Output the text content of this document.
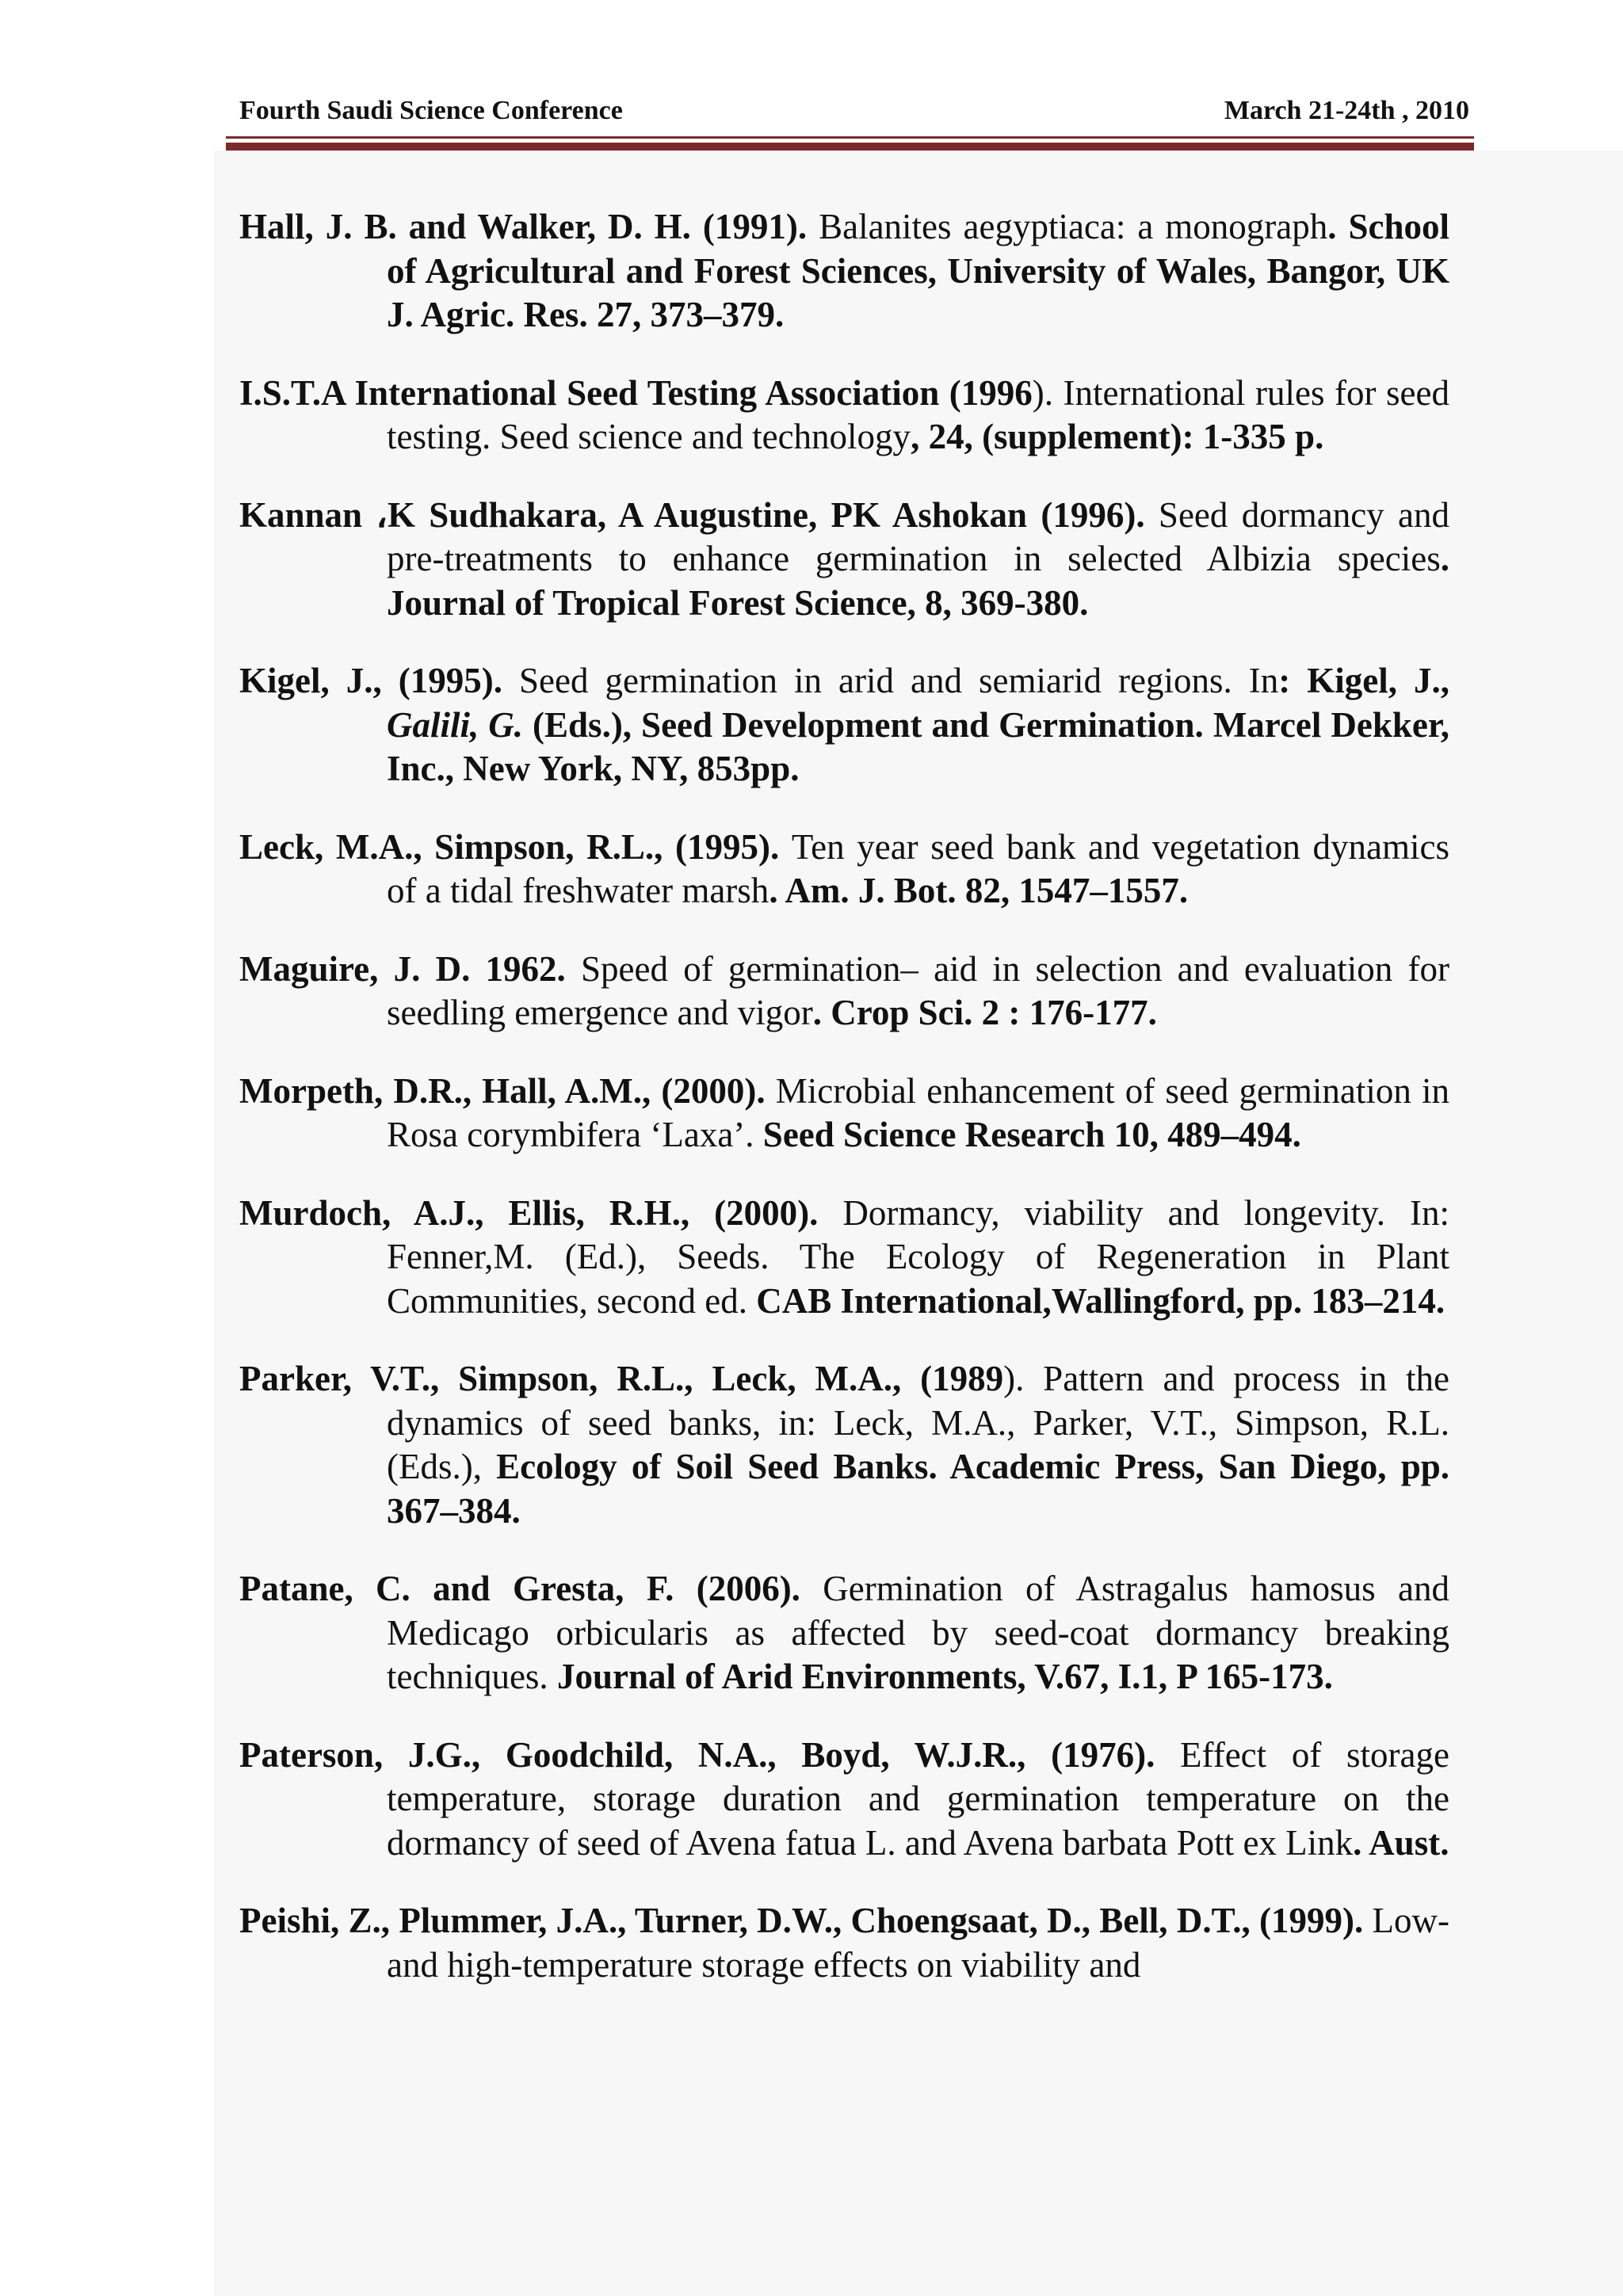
Fourth Saudi Science Conference	March 21-24th , 2010

Hall, J. B. and Walker, D. H. (1991). Balanites aegyptiaca: a monograph. School of Agricultural and Forest Sciences, University of Wales, Bangor, UK J. Agric. Res. 27, 373–379.

I.S.T.A International Seed Testing Association (1996). International rules for seed testing. Seed science and technology, 24, (supplement): 1-335 p.

Kannan ،K Sudhakara, A Augustine, PK Ashokan (1996). Seed dormancy and pre-treatments to enhance germination in selected Albizia species. Journal of Tropical Forest Science, 8, 369-380.

Kigel, J., (1995). Seed germination in arid and semiarid regions. In: Kigel, J., Galili, G. (Eds.), Seed Development and Germination. Marcel Dekker, Inc., New York, NY, 853pp.

Leck, M.A., Simpson, R.L., (1995). Ten year seed bank and vegetation dynamics of a tidal freshwater marsh. Am. J. Bot. 82, 1547–1557.

Maguire, J. D. 1962. Speed of germination– aid in selection and evaluation for seedling emergence and vigor. Crop Sci. 2 : 176-177.

Morpeth, D.R., Hall, A.M., (2000). Microbial enhancement of seed germination in Rosa corymbifera ‘Laxa’. Seed Science Research 10, 489–494.

Murdoch, A.J., Ellis, R.H., (2000). Dormancy, viability and longevity. In: Fenner,M. (Ed.), Seeds. The Ecology of Regeneration in Plant Communities, second ed. CAB International,Wallingford, pp. 183–214.

Parker, V.T., Simpson, R.L., Leck, M.A., (1989). Pattern and process in the dynamics of seed banks, in: Leck, M.A., Parker, V.T., Simpson, R.L. (Eds.), Ecology of Soil Seed Banks. Academic Press, San Diego, pp. 367–384.

Patane, C. and Gresta, F. (2006). Germination of Astragalus hamosus and Medicago orbicularis as affected by seed-coat dormancy breaking techniques. Journal of Arid Environments, V.67, I.1, P 165-173.

Paterson, J.G., Goodchild, N.A., Boyd, W.J.R., (1976). Effect of storage temperature, storage duration and germination temperature on the dormancy of seed of Avena fatua L. and Avena barbata Pott ex Link. Aust.

Peishi, Z., Plummer, J.A., Turner, D.W., Choengsaat, D., Bell, D.T., (1999). Low- and high-temperature storage effects on viability and
